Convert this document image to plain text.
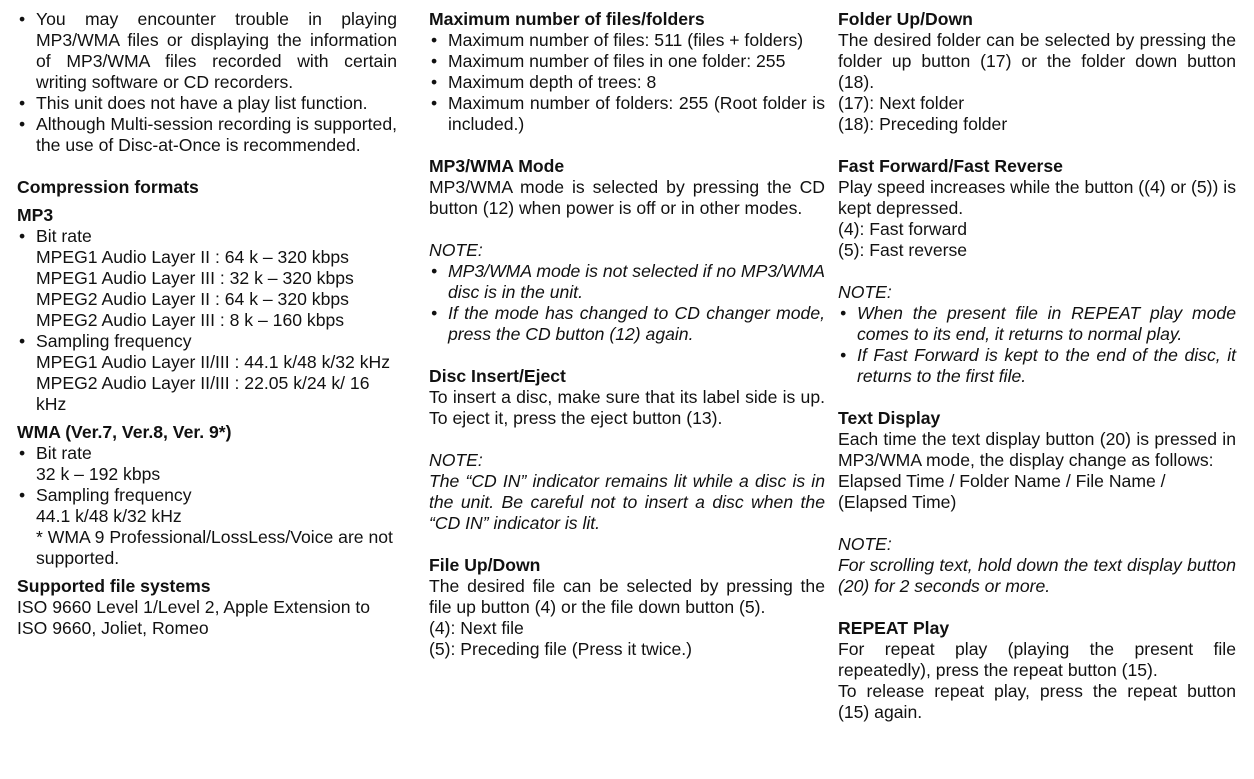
• You may encounter trouble in playing MP3/WMA files or displaying the information of MP3/WMA files recorded with certain writing software or CD recorders.
• This unit does not have a play list function.
• Although Multi-session recording is supported, the use of Disc-at-Once is recommended.
Compression formats
MP3
• Bit rate
MPEG1 Audio Layer II : 64 k – 320 kbps
MPEG1 Audio Layer III : 32 k – 320 kbps
MPEG2 Audio Layer II : 64 k – 320 kbps
MPEG2 Audio Layer III : 8 k – 160 kbps
• Sampling frequency
MPEG1 Audio Layer II/III : 44.1 k/48 k/32 kHz
MPEG2 Audio Layer II/III : 22.05 k/24 k/ 16 kHz
WMA (Ver.7, Ver.8, Ver. 9*)
• Bit rate
32 k – 192 kbps
• Sampling frequency
44.1 k/48 k/32 kHz
* WMA 9 Professional/LossLess/Voice are not supported.
Supported file systems

ISO 9660 Level 1/Level 2, Apple Extension to ISO 9660, Joliet, Romeo

Maximum number of files/folders
• Maximum number of files: 511 (files + folders)
• Maximum number of files in one folder: 255
• Maximum depth of trees: 8
• Maximum number of folders: 255 (Root folder is included.)
MP3/WMA Mode

MP3/WMA mode is selected by pressing the CD button (12) when power is off or in other modes.

NOTE:

• MP3/WMA mode is not selected if no MP3/WMA disc is in the unit.
• If the mode has changed to CD changer mode, press the CD button (12) again.
Disc Insert/Eject

To insert a disc, make sure that its label side is up. To eject it, press the eject button (13).

NOTE:

The “CD IN” indicator remains lit while a disc is in the unit. Be careful not to insert a disc when the “CD IN” indicator is lit.

File Up/Down

The desired file can be selected by pressing the file up button (4) or the file down button (5).

(4): Next file
(5): Preceding file (Press it twice.)
Folder Up/Down

The desired folder can be selected by pressing the folder up button (17) or the folder down button (18).

(17): Next folder
(18): Preceding folder
Fast Forward/Fast Reverse

Play speed increases while the button ((4) or (5)) is kept depressed.

(4): Fast forward
(5): Fast reverse

NOTE:

• When the present file in REPEAT play mode comes to its end, it returns to normal play.
• If Fast Forward is kept to the end of the disc, it returns to the first file.
Text Display

Each time the text display button (20) is pressed in MP3/WMA mode, the display change as follows:

Elapsed Time / Folder Name / File Name / (Elapsed Time)

NOTE:

For scrolling text, hold down the text display button (20) for 2 seconds or more.

REPEAT Play

For repeat play (playing the present file repeatedly), press the repeat button (15).

To release repeat play, press the repeat button (15) again.
